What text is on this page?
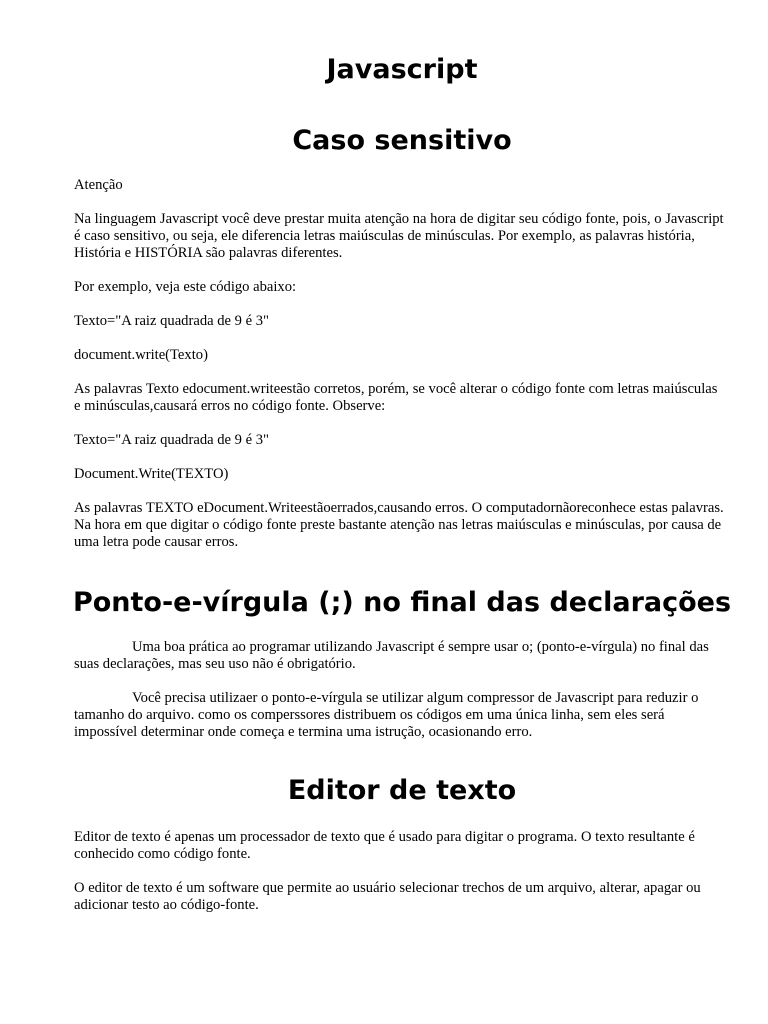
Javascript
Caso sensitivo

Atenção

Na linguagem Javascript você deve prestar muita atenção na hora de digitar seu código fonte, pois, o Javascript é caso sensitivo, ou seja, ele diferencia letras maiúsculas de minúsculas. Por exemplo, as palavras história, História e HISTÓRIA são palavras diferentes.

Por exemplo, veja este código abaixo:

Texto="A raiz quadrada de 9 é 3"

document.write(Texto)

As palavras Texto edocument.writeestão corretos, porém, se você alterar o código fonte com letras maiúsculas e minúsculas,causará erros no código fonte. Observe:

Texto="A raiz quadrada de 9 é 3"

Document.Write(TEXTO)

As palavras TEXTO eDocument.Writeestãoerrados,causando erros. O computadornãoreconhece estas palavras. Na hora em que digitar o código fonte preste bastante atenção nas letras maiúsculas e minúsculas, por causa de uma letra pode causar erros.

Ponto-e-vírgula (;) no final das declarações

Uma boa prática ao programar utilizando Javascript é sempre usar o; (ponto-e-vírgula) no final das suas declarações, mas seu uso não é obrigatório.

Você precisa utilizaer o ponto-e-vírgula se utilizar algum compressor de Javascript para reduzir o tamanho do arquivo. como os comperssores distribuem os códigos em uma única linha, sem eles será impossível determinar onde começa e termina uma istrução, ocasionando erro.

Editor de texto

Editor de texto é apenas um processador de texto que é usado para digitar o programa. O texto resultante é conhecido como código fonte.

O editor de texto é um software que permite ao usuário selecionar trechos de um arquivo, alterar, apagar ou adicionar testo ao código-fonte.
